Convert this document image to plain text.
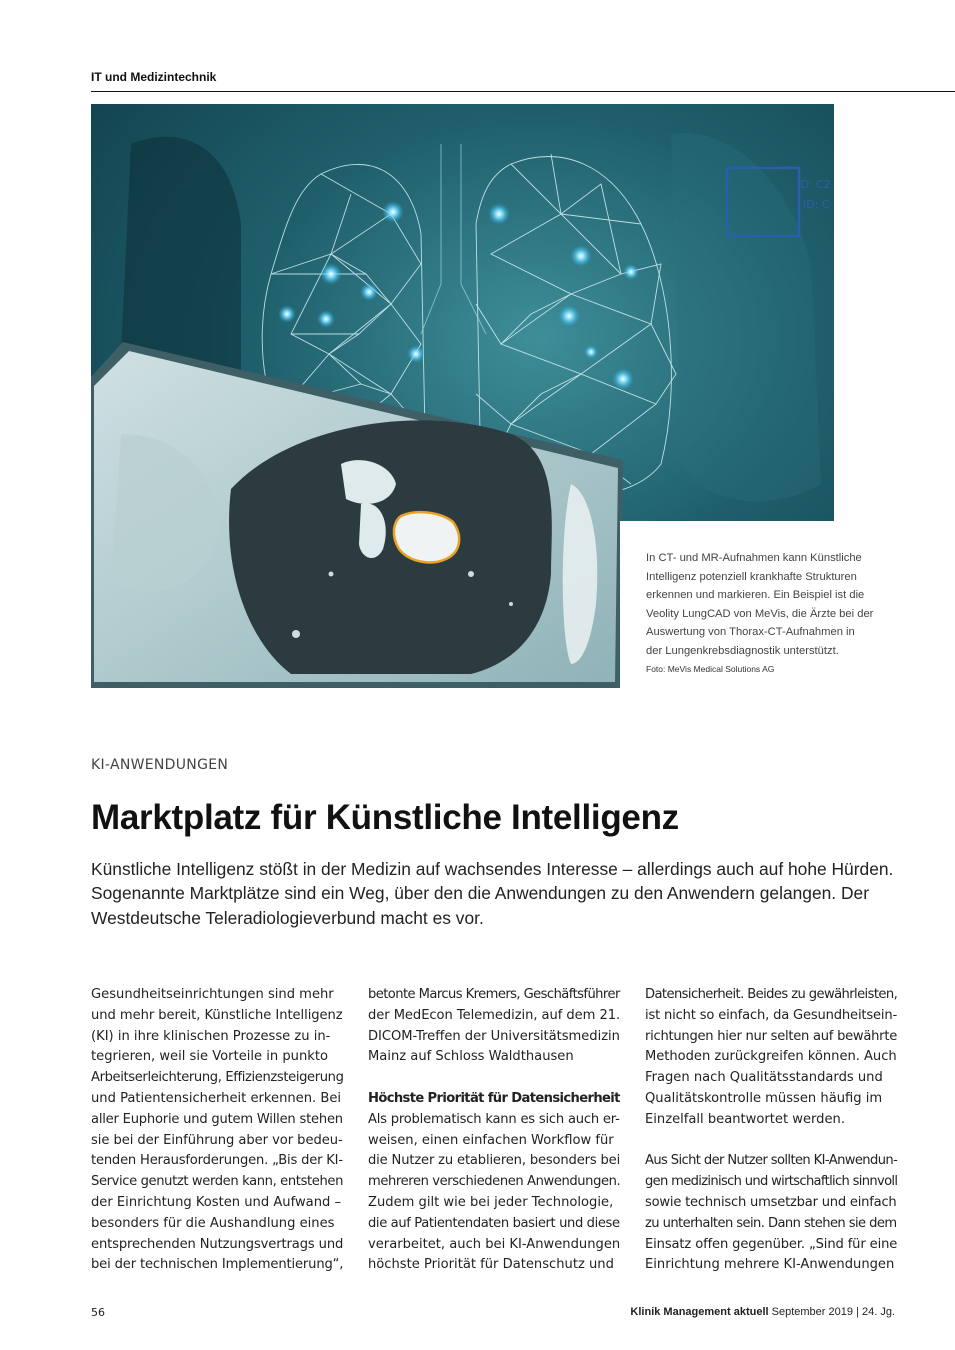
IT und Medizintechnik
ID: C2
ID: C

In CT- und MR-Aufnahmen kann Künstliche
Intelligenz potenziell krankhafte Strukturen
erkennen und markieren. Ein Beispiel ist die
Veolity LungCAD von MeVis, die Ärzte bei der
Auswertung von Thorax-CT-Aufnahmen in
der Lungenkrebsdiagnostik unterstützt.

Foto: MeVis Medical Solutions AG
KI-ANWENDUNGEN
Marktplatz für Künstliche Intelligenz

Künstliche Intelligenz stößt in der Medizin auf wachsendes Interesse – allerdings auch auf hohe Hürden.
Sogenannte Marktplätze sind ein Weg, über den die Anwendungen zu den Anwendern gelangen. Der
Westdeutsche Teleradiologieverbund macht es vor.

Gesundheitseinrichtungen sind mehr
und mehr bereit, Künstliche Intelligenz
(KI) in ihre klinischen Prozesse zu in-
tegrieren, weil sie Vorteile in punkto
Arbeitserleichterung, Effizienzsteigerung
und Patientensicherheit erkennen. Bei
aller Euphorie und gutem Willen stehen
sie bei der Einführung aber vor bedeu-
tenden Herausforderungen. „Bis der KI-
Service genutzt werden kann, entstehen
der Einrichtung Kosten und Aufwand –
besonders für die Aushandlung eines
entsprechenden Nutzungsvertrags und
bei der technischen Implementierung“,
betonte Marcus Kremers, Geschäftsführer
der MedEcon Telemedizin, auf dem 21.
DICOM-Treffen der Universitätsmedizin
Mainz auf Schloss Waldthausen
Höchste Priorität für Datensicherheit
Als problematisch kann es sich auch er-
weisen, einen einfachen Workflow für
die Nutzer zu etablieren, besonders bei
mehreren verschiedenen Anwendungen.
Zudem gilt wie bei jeder Technologie,
die auf Patientendaten basiert und diese
verarbeitet, auch bei KI-Anwendungen
höchste Priorität für Datenschutz und
Datensicherheit. Beides zu gewährleisten,
ist nicht so einfach, da Gesundheitsein-
richtungen hier nur selten auf bewährte
Methoden zurückgreifen können. Auch
Fragen nach Qualitätsstandards und
Qualitätskontrolle müssen häufig im
Einzelfall beantwortet werden.
Aus Sicht der Nutzer sollten KI-Anwendun-
gen medizinisch und wirtschaftlich sinnvoll
sowie technisch umsetzbar und einfach
zu unterhalten sein. Dann stehen sie dem
Einsatz offen gegenüber. „Sind für eine
Einrichtung mehrere KI-Anwendungen
56	Klinik Management aktuell September 2019 | 24. Jg.
